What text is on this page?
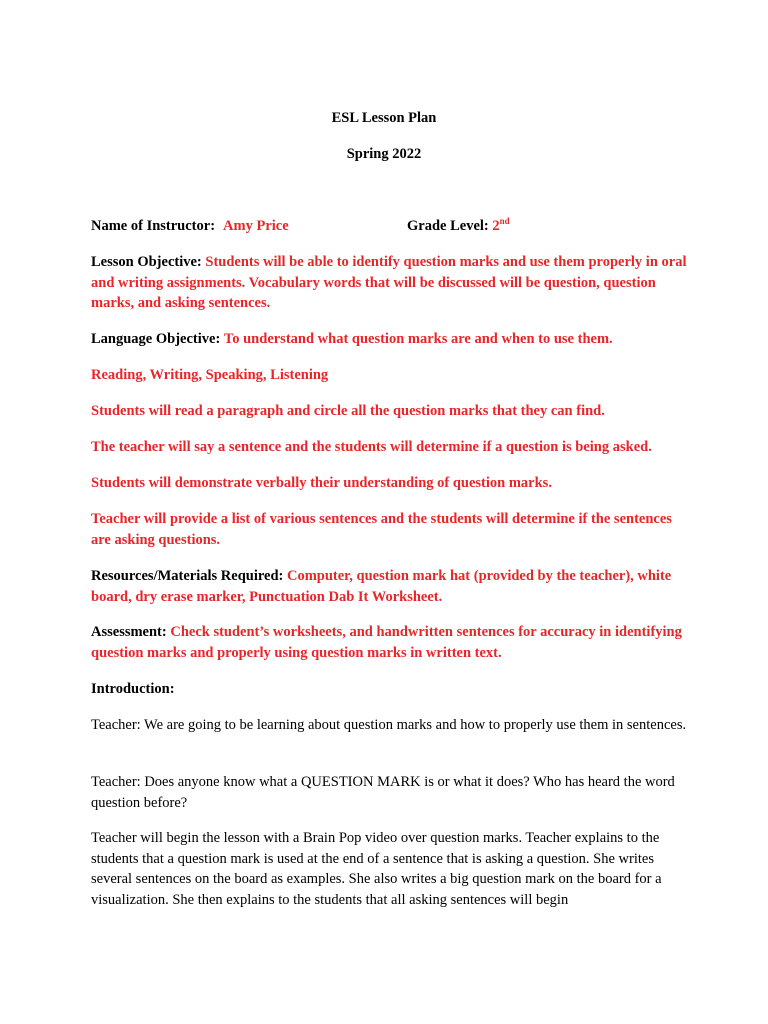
ESL Lesson Plan
Spring 2022
Name of Instructor: Amy Price	Grade Level: 2nd
Lesson Objective: Students will be able to identify question marks and use them properly in oral and writing assignments. Vocabulary words that will be discussed will be question, question marks, and asking sentences.
Language Objective: To understand what question marks are and when to use them.
Reading, Writing, Speaking, Listening
Students will read a paragraph and circle all the question marks that they can find.
The teacher will say a sentence and the students will determine if a question is being asked.
Students will demonstrate verbally their understanding of question marks.
Teacher will provide a list of various sentences and the students will determine if the sentences are asking questions.
Resources/Materials Required: Computer, question mark hat (provided by the teacher), white board, dry erase marker, Punctuation Dab It Worksheet.
Assessment: Check student’s worksheets, and handwritten sentences for accuracy in identifying question marks and properly using question marks in written text.
Introduction:
Teacher: We are going to be learning about question marks and how to properly use them in sentences.
Teacher: Does anyone know what a QUESTION MARK is or what it does? Who has heard the word question before?
Teacher will begin the lesson with a Brain Pop video over question marks. Teacher explains to the students that a question mark is used at the end of a sentence that is asking a question. She writes several sentences on the board as examples. She also writes a big question mark on the board for a visualization. She then explains to the students that all asking sentences will begin
